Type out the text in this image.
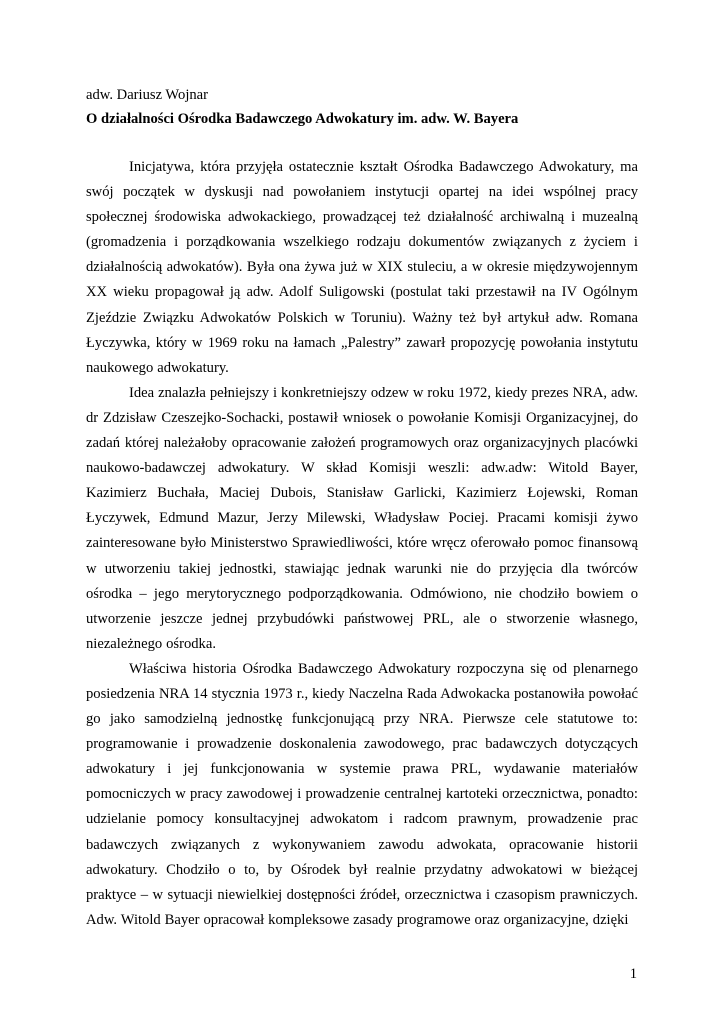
adw. Dariusz Wojnar

O działalności Ośrodka Badawczego Adwokatury im. adw. W. Bayera

Inicjatywa, która przyjęła ostatecznie kształt Ośrodka Badawczego Adwokatury, ma swój początek w dyskusji nad powołaniem instytucji opartej na idei wspólnej pracy społecznej środowiska adwokackiego, prowadzącej też działalność archiwalną i muzealną (gromadzenia i porządkowania wszelkiego rodzaju dokumentów związanych z życiem i działalnością adwokatów). Była ona żywa już w XIX stuleciu, a w okresie międzywojennym XX wieku propagował ją adw. Adolf Suligowski (postulat taki przestawił na IV Ogólnym Zjeździe Związku Adwokatów Polskich w Toruniu). Ważny też był artykuł adw. Romana Łyczywka, który w 1969 roku na łamach „Palestry” zawarł propozycję powołania instytutu naukowego adwokatury.

Idea znalazła pełniejszy i konkretniejszy odzew w roku 1972, kiedy prezes NRA, adw. dr Zdzisław Czeszejko-Sochacki, postawił wniosek o powołanie Komisji Organizacyjnej, do zadań której należałoby opracowanie założeń programowych oraz organizacyjnych placówki naukowo-badawczej adwokatury. W skład Komisji weszli: adw.adw: Witold Bayer, Kazimierz Buchała, Maciej Dubois, Stanisław Garlicki, Kazimierz Łojewski, Roman Łyczywek, Edmund Mazur, Jerzy Milewski, Władysław Pociej. Pracami komisji żywo zainteresowane było Ministerstwo Sprawiedliwości, które wręcz oferowało pomoc finansową w utworzeniu takiej jednostki, stawiając jednak warunki nie do przyjęcia dla twórców ośrodka – jego merytorycznego podporządkowania. Odmówiono, nie chodziło bowiem o utworzenie jeszcze jednej przybudówki państwowej PRL, ale o stworzenie własnego, niezależnego ośrodka.

Właściwa historia Ośrodka Badawczego Adwokatury rozpoczyna się od plenarnego posiedzenia NRA 14 stycznia 1973 r., kiedy Naczelna Rada Adwokacka postanowiła powołać go jako samodzielną jednostkę funkcjonującą przy NRA. Pierwsze cele statutowe to: programowanie i prowadzenie doskonalenia zawodowego, prac badawczych dotyczących adwokatury i jej funkcjonowania w systemie prawa PRL, wydawanie materiałów pomocniczych w pracy zawodowej i prowadzenie centralnej kartoteki orzecznictwa, ponadto: udzielanie pomocy konsultacyjnej adwokatom i radcom prawnym, prowadzenie prac badawczych związanych z wykonywaniem zawodu adwokata, opracowanie historii adwokatury. Chodziło o to, by Ośrodek był realnie przydatny adwokatowi w bieżącej praktyce – w sytuacji niewielkiej dostępności źródeł, orzecznictwa i czasopism prawniczych. Adw. Witold Bayer opracował kompleksowe zasady programowe oraz organizacyjne, dzięki

1
